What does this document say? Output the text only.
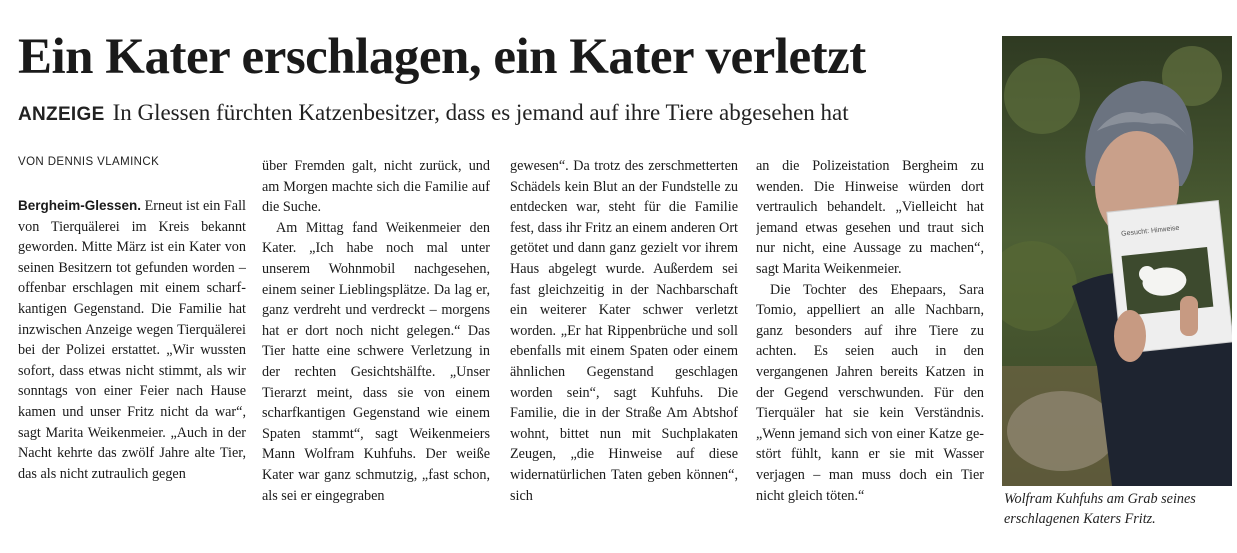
Ein Kater erschlagen, ein Kater verletzt
ANZEIGE In Glessen fürchten Katzenbesitzer, dass es jemand auf ihre Tiere abgesehen hat
VON DENNIS VLAMINCK

Bergheim-Glessen. Erneut ist ein Fall von Tierquälerei im Kreis bekannt geworden. Mitte März ist ein Kater von seinen Besitzern tot gefunden worden – offenbar erschlagen mit einem scharfkantigen Gegenstand. Die Familie hat inzwischen Anzeige wegen Tierquälerei bei der Polizei erstattet. „Wir wussten sofort, dass etwas nicht stimmt, als wir sonntags von einer Feier nach Hause kamen und unser Fritz nicht da war“, sagt Marita Weikenmeier. „Auch in der Nacht kehrte das zwölf Jahre alte Tier, das als nicht zutraulich gegen

über Fremden galt, nicht zurück, und am Morgen machte sich die Familie auf die Suche.

Am Mittag fand Weikenmeier den Kater. „Ich habe noch mal unter unserem Wohnmobil nachgesehen, einem seiner Lieblingsplätze. Da lag er, ganz verdreht und verdreckt – morgens hat er dort noch nicht gelegen.“ Das Tier hatte eine schwere Verletzung in der rechten Gesichtshälfte. „Unser Tierarzt meint, dass sie von einem scharfkantigen Gegenstand wie einem Spaten stammt“, sagt Weikenmeiers Mann Wolfram Kuhfuhs. Der weiße Kater war ganz schmutzig, „fast schon, als sei er eingegraben

gewesen“. Da trotz des zerschmetterten Schädels kein Blut an der Fundstelle zu entdecken war, steht für die Familie fest, dass ihr Fritz an einem anderen Ort getötet und dann ganz gezielt vor ihrem Haus abgelegt wurde. Außerdem sei fast gleichzeitig in der Nachbarschaft ein weiterer Kater schwer verletzt worden. „Er hat Rippenbrüche und soll ebenfalls mit einem Spaten oder einem ähnlichen Gegenstand geschlagen worden sein“, sagt Kuhfuhs. Die Familie, die in der Straße Am Abtshof wohnt, bittet nun mit Suchplakaten Zeugen, „die Hinweise auf diese widernatürlichen Taten geben können“, sich

an die Polizeistation Bergheim zu wenden. Die Hinweise würden dort vertraulich behandelt. „Vielleicht hat jemand etwas gesehen und traut sich nur nicht, eine Aussage zu machen“, sagt Marita Weikenmeier.

Die Tochter des Ehepaars, Sara Tomio, appelliert an alle Nachbarn, ganz besonders auf ihre Tiere zu achten. Es seien auch in den vergangenen Jahren bereits Katzen in der Gegend verschwunden. Für den Tierquäler hat sie kein Verständnis. „Wenn jemand sich von einer Katze gestört fühlt, kann er sie mit Wasser verjagen – man muss doch ein Tier nicht gleich töten.“

Gesucht: Hinweise
Wolfram Kuhfuhs am Grab seines erschlagenen Katers Fritz.
